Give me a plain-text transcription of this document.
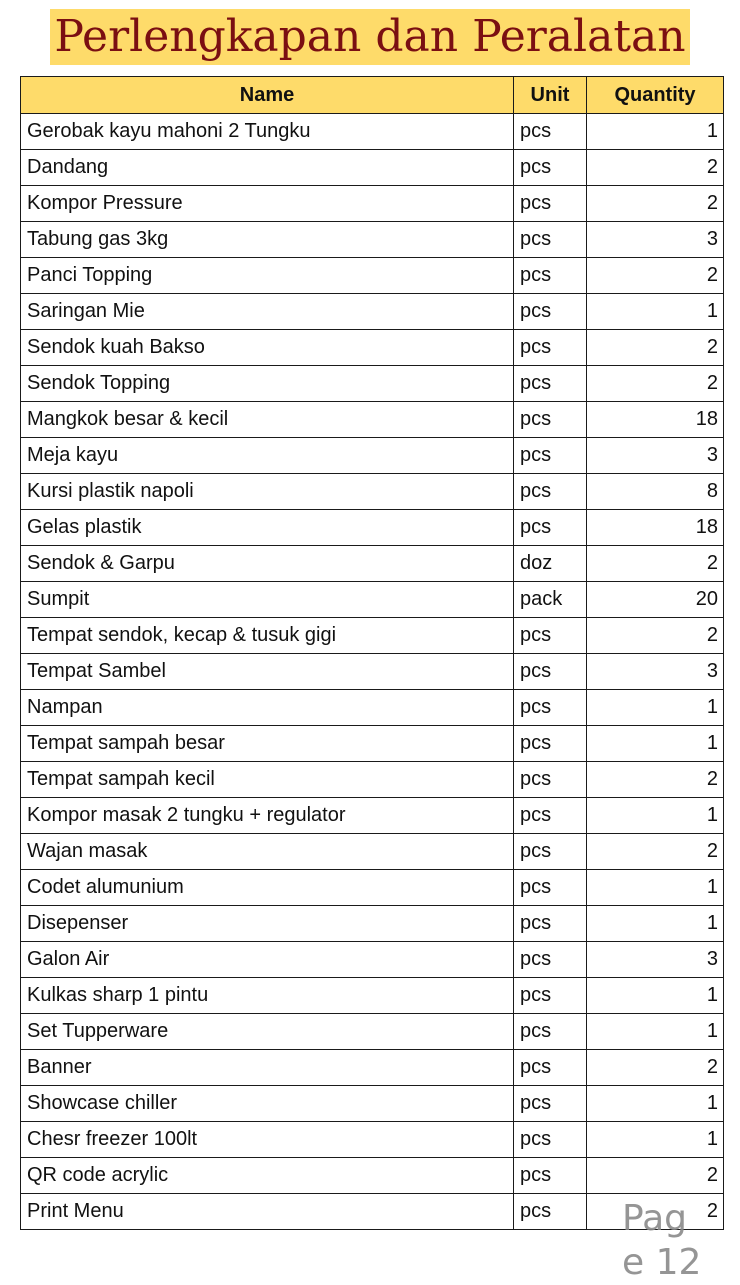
Perlengkapan dan Peralatan
Name	Unit	Quantity
Gerobak kayu mahoni 2 Tungku	pcs	1
Dandang	pcs	2
Kompor Pressure	pcs	2
Tabung gas 3kg	pcs	3
Panci Topping	pcs	2
Saringan Mie	pcs	1
Sendok kuah Bakso	pcs	2
Sendok Topping	pcs	2
Mangkok besar & kecil	pcs	18
Meja kayu	pcs	3
Kursi plastik napoli	pcs	8
Gelas plastik	pcs	18
Sendok & Garpu	doz	2
Sumpit	pack	20
Tempat sendok, kecap & tusuk gigi	pcs	2
Tempat Sambel	pcs	3
Nampan	pcs	1
Tempat sampah besar	pcs	1
Tempat sampah kecil	pcs	2
Kompor masak 2 tungku + regulator	pcs	1
Wajan masak	pcs	2
Codet alumunium	pcs	1
Disepenser	pcs	1
Galon Air	pcs	3
Kulkas sharp 1 pintu	pcs	1
Set Tupperware	pcs	1
Banner	pcs	2
Showcase chiller	pcs	1
Chesr freezer 100lt	pcs	1
QR code acrylic	pcs	2
Print Menu	pcs	2
Page 12
